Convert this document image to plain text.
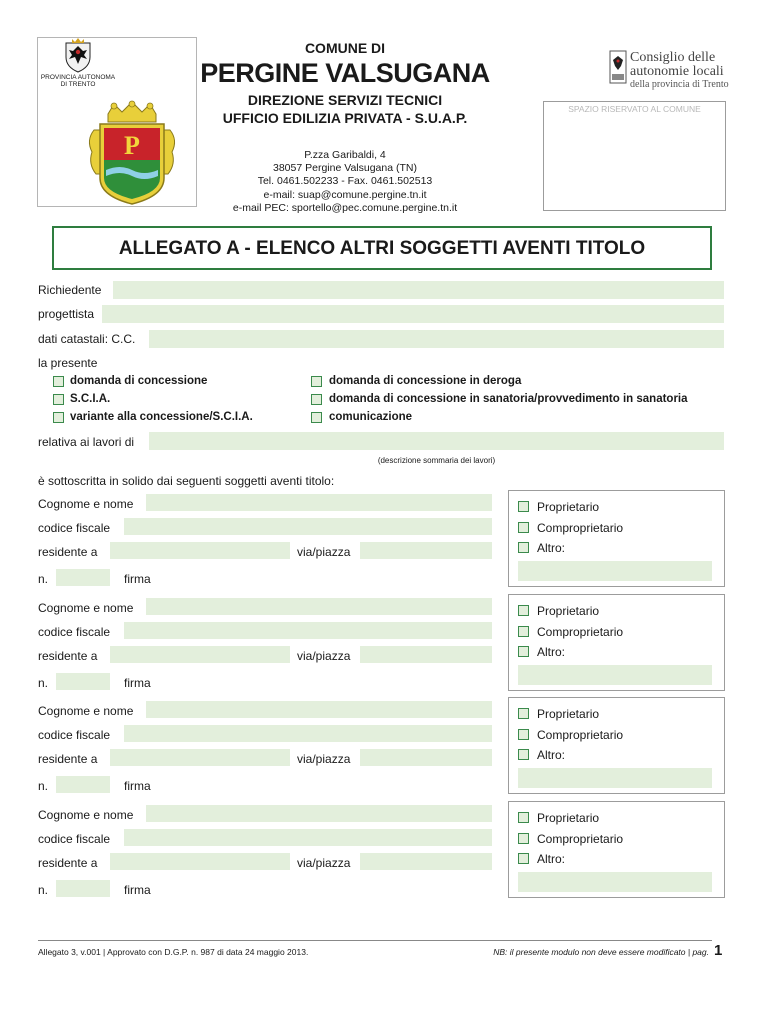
PROVINCIA AUTONOMA
DI TRENTO
P
COMUNE DI
PERGINE VALSUGANA
DIREZIONE SERVIZI TECNICI
UFFICIO EDILIZIA PRIVATA - S.U.A.P.
P.zza Garibaldi, 4
38057 Pergine Valsugana (TN)
Tel. 0461.502233 - Fax. 0461.502513
e-mail: suap@comune.pergine.tn.it
e-mail PEC: sportello@pec.comune.pergine.tn.it
Consiglio delle
autonomie locali
della provincia di Trento
SPAZIO RISERVATO AL COMUNE
ALLEGATO A - ELENCO ALTRI SOGGETTI AVENTI TITOLO
Richiedente
progettista
dati catastali: C.C.
la presente
domanda di concessione
S.C.I.A.
variante alla concessione/S.C.I.A.
domanda di concessione in deroga
domanda di concessione in sanatoria/provvedimento in sanatoria
comunicazione
relativa ai lavori di
(descrizione sommaria dei lavori)
è sottoscritta in solido dai seguenti soggetti aventi titolo:
Cognome e nome
codice fiscale
residente a	via/piazza
n.	firma
Proprietario
Comproprietario
Altro:
Cognome e nome
codice fiscale
residente a	via/piazza
n.	firma
Proprietario
Comproprietario
Altro:
Cognome e nome
codice fiscale
residente a	via/piazza
n.	firma
Proprietario
Comproprietario
Altro:
Cognome e nome
codice fiscale
residente a	via/piazza
n.	firma
Proprietario
Comproprietario
Altro:
Allegato 3, v.001 | Approvato con D.G.P. n. 987 di data 24 maggio 2013.	NB: il presente modulo non deve essere modificato | pag. 1
